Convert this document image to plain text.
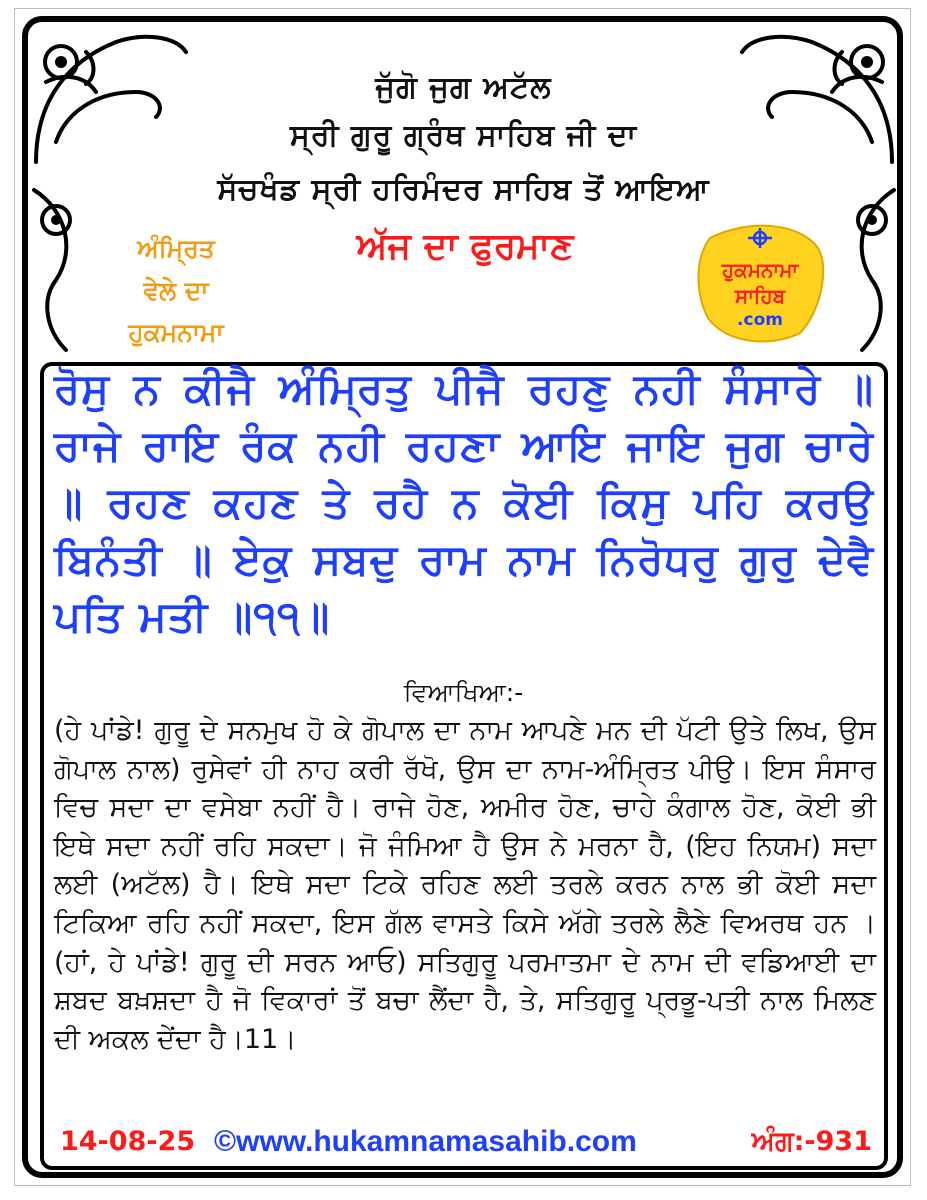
ਜੁੱਗੋ ਜੁਗ ਅਟੱਲ
ਸ੍ਰੀ ਗੁਰੂ ਗ੍ਰੰਥ ਸਾਹਿਬ ਜੀ ਦਾ
ਸੱਚਖੰਡ ਸ੍ਰੀ ਹਰਿਮੰਦਰ ਸਾਹਿਬ ਤੋਂ ਆਇਆ
ਅੰਮ੍ਰਿਤ
ਵੇਲੇ ਦਾ
ਹੁਕਮਨਾਮਾ
ਅੱਜ ਦਾ ਫੁਰਮਾਣ
ਹੁਕਮਨਾਮਾ
ਸਾਹਿਬ
.com
ਰੋਸੁ ਨ ਕੀਜੈ ਅੰਮ੍ਰਿਤੁ ਪੀਜੈ ਰਹਣੁ ਨਹੀ ਸੰਸਾਰੇ ॥ ਰਾਜੇ ਰਾਇ ਰੰਕ ਨਹੀ ਰਹਣਾ ਆਇ ਜਾਇ ਜੁਗ ਚਾਰੇ ॥ ਰਹਣ ਕਹਣ ਤੇ ਰਹੈ ਨ ਕੋਈ ਕਿਸੁ ਪਹਿ ਕਰਉ ਬਿਨੰਤੀ ॥ ਏਕੁ ਸਬਦੁ ਰਾਮ ਨਾਮ ਨਿਰੋਧਰੁ ਗੁਰੁ ਦੇਵੈ ਪਤਿ ਮਤੀ ॥੧੧॥
ਵਿਆਖਿਆ:-
(ਹੇ ਪਾਂਡੇ! ਗੁਰੂ ਦੇ ਸਨਮੁਖ ਹੋ ਕੇ ਗੋਪਾਲ ਦਾ ਨਾਮ ਆਪਣੇ ਮਨ ਦੀ ਪੱਟੀ ਉਤੇ ਲਿਖ, ਉਸ ਗੋਪਾਲ ਨਾਲ) ਰੁਸੇਵਾਂ ਹੀ ਨਾਹ ਕਰੀ ਰੱਖੋ, ਉਸ ਦਾ ਨਾਮ-ਅੰਮ੍ਰਿਤ ਪੀਉ। ਇਸ ਸੰਸਾਰ ਵਿਚ ਸਦਾ ਦਾ ਵਸੇਬਾ ਨਹੀਂ ਹੈ। ਰਾਜੇ ਹੋਣ, ਅਮੀਰ ਹੋਣ, ਚਾਹੇ ਕੰਗਾਲ ਹੋਣ, ਕੋਈ ਭੀ ਇਥੇ ਸਦਾ ਨਹੀਂ ਰਹਿ ਸਕਦਾ। ਜੋ ਜੰਮਿਆ ਹੈ ਉਸ ਨੇ ਮਰਨਾ ਹੈ, (ਇਹ ਨਿਯਮ) ਸਦਾ ਲਈ (ਅਟੱਲ) ਹੈ। ਇਥੇ ਸਦਾ ਟਿਕੇ ਰਹਿਣ ਲਈ ਤਰਲੇ ਕਰਨ ਨਾਲ ਭੀ ਕੋਈ ਸਦਾ ਟਿਕਿਆ ਰਹਿ ਨਹੀਂ ਸਕਦਾ, ਇਸ ਗੱਲ ਵਾਸਤੇ ਕਿਸੇ ਅੱਗੇ ਤਰਲੇ ਲੈਣੇ ਵਿਅਰਥ ਹਨ ।(ਹਾਂ, ਹੇ ਪਾਂਡੇ! ਗੁਰੂ ਦੀ ਸਰਨ ਆਓ) ਸਤਿਗੁਰੂ ਪਰਮਾਤਮਾ ਦੇ ਨਾਮ ਦੀ ਵਡਿਆਈ ਦਾ ਸ਼ਬਦ ਬਖ਼ਸ਼ਦਾ ਹੈ ਜੋ ਵਿਕਾਰਾਂ ਤੋਂ ਬਚਾ ਲੈਂਦਾ ਹੈ, ਤੇ, ਸਤਿਗੁਰੂ ਪ੍ਰਭੂ-ਪਤੀ ਨਾਲ ਮਿਲਣ ਦੀ ਅਕਲ ਦੇਂਦਾ ਹੈ।11।
14-08-25 ©www.hukamnamasahib.com	ਅੰਗ:-931
